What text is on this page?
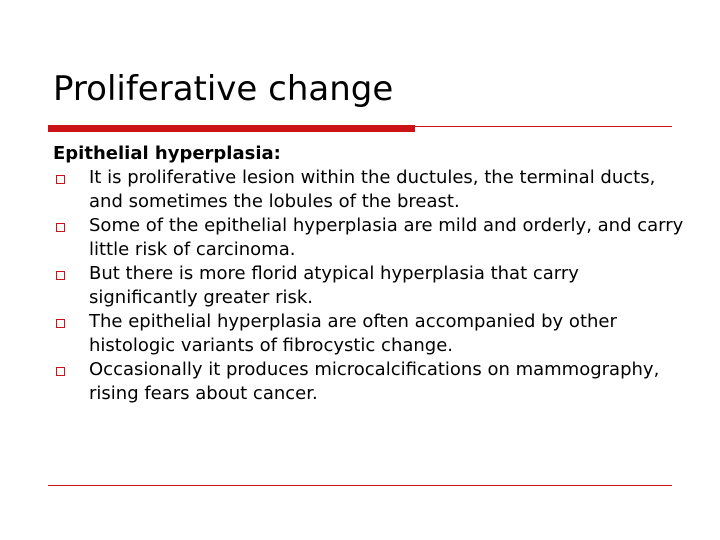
Proliferative change
Epithelial hyperplasia:
It is proliferative lesion within the ductules, the terminal ducts, and sometimes the lobules of the breast.
Some of the epithelial hyperplasia are mild and orderly, and carry little risk of carcinoma.
But there is more florid atypical hyperplasia that carry significantly greater risk.
The epithelial hyperplasia are often accompanied by other histologic variants of fibrocystic change.
Occasionally it produces microcalcifications on mammography, rising fears about cancer.
